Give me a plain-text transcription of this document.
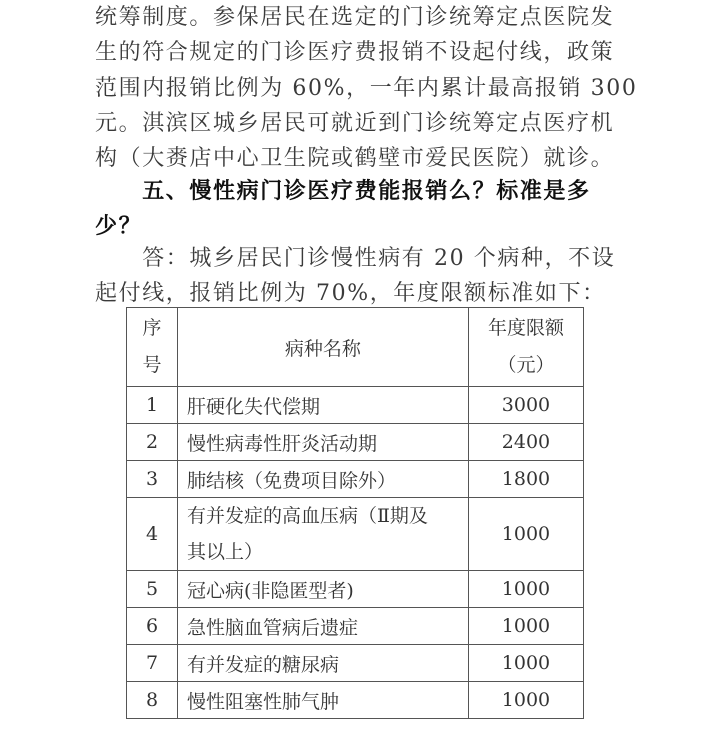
统筹制度。参保居民在选定的门诊统筹定点医院发
生的符合规定的门诊医疗费报销不设起付线，政策
范围内报销比例为 60%，一年内累计最高报销 300
元。淇滨区城乡居民可就近到门诊统筹定点医疗机
构（大赉店中心卫生院或鹤壁市爱民医院）就诊。
　　五、慢性病门诊医疗费能报销么？标准是多
少？
　　答：城乡居民门诊慢性病有 20 个病种，不设
起付线，报销比例为 70%，年度限额标准如下：
序
号	病种名称	年度限额
（元）

1	肝硬化失代偿期	3000
2	慢性病毒性肝炎活动期	2400
3	肺结核（免费项目除外）	1800
4	有并发症的高血压病（Ⅱ期及
其以上）	1000
5	冠心病(非隐匿型者)	1000
6	急性脑血管病后遗症	1000
7	有并发症的糖尿病	1000
8	慢性阻塞性肺气肿	1000
